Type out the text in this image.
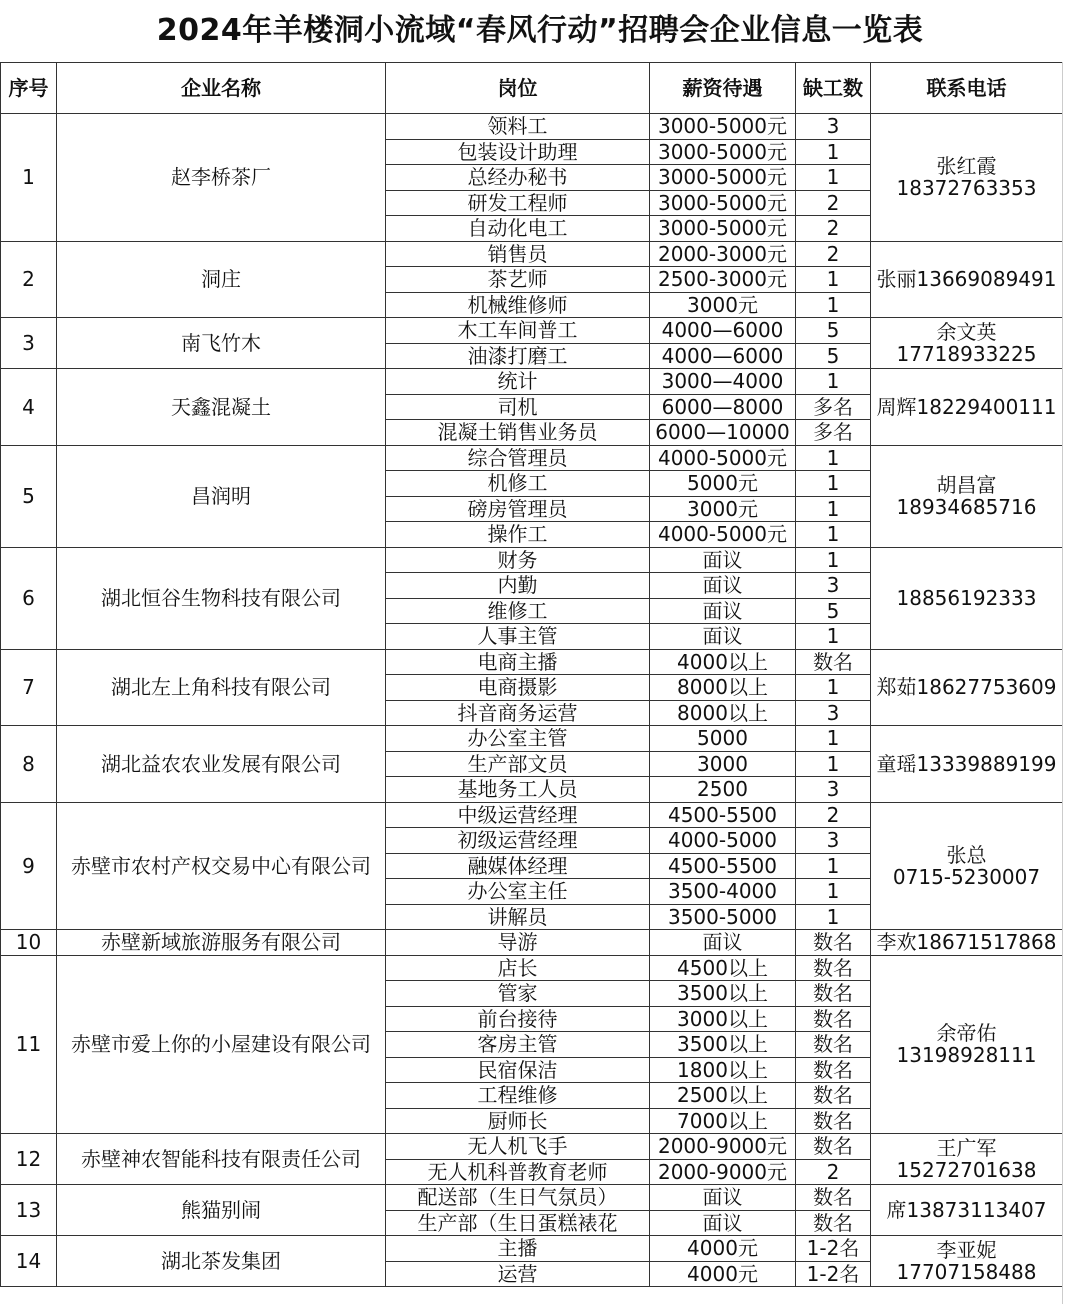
2024年羊楼洞小流域“春风行动”招聘会企业信息一览表
序号	企业名称	岗位	薪资待遇	缺工数	联系电话
1	赵李桥茶厂	领料工	3000-5000元	3	张红霞
18372763353
		包装设计助理	3000-5000元	1	
		总经办秘书	3000-5000元	1	
		研发工程师	3000-5000元	2	
		自动化电工	3000-5000元	2	
2	洞庄	销售员	2000-3000元	2	张丽13669089491
		茶艺师	2500-3000元	1	
		机械维修师	3000元	1	
3	南飞竹木	木工车间普工	4000—6000	5	余文英
17718933225
		油漆打磨工	4000—6000	5	
4	天鑫混凝土	统计	3000—4000	1	周辉18229400111
		司机	6000—8000	多名	
		混凝土销售业务员	6000—10000	多名	
5	昌润明	综合管理员	4000-5000元	1	胡昌富
18934685716
		机修工	5000元	1	
		磅房管理员	3000元	1	
		操作工	4000-5000元	1	
6	湖北恒谷生物科技有限公司	财务	面议	1	18856192333
		内勤	面议	3	
		维修工	面议	5	
		人事主管	面议	1	
7	湖北左上角科技有限公司	电商主播	4000以上	数名	郑茹18627753609
		电商摄影	8000以上	1	
		抖音商务运营	8000以上	3	
8	湖北益农农业发展有限公司	办公室主管	5000	1	童瑶13339889199
		生产部文员	3000	1	
		基地务工人员	2500	3	
9	赤壁市农村产权交易中心有限公司	中级运营经理	4500-5500	2	张总
0715-5230007
		初级运营经理	4000-5000	3	
		融媒体经理	4500-5500	1	
		办公室主任	3500-4000	1	
		讲解员	3500-5000	1	
10	赤壁新域旅游服务有限公司	导游	面议	数名	李欢18671517868
11	赤壁市爱上你的小屋建设有限公司	店长	4500以上	数名	余帝佑
13198928111
		管家	3500以上	数名	
		前台接待	3000以上	数名	
		客房主管	3500以上	数名	
		民宿保洁	1800以上	数名	
		工程维修	2500以上	数名	
		厨师长	7000以上	数名	
12	赤壁神农智能科技有限责任公司	无人机飞手	2000-9000元	数名	王广军
15272701638
		无人机科普教育老师	2000-9000元	2	
13	熊猫别闹	配送部（生日气氛员）	面议	数名	席13873113407
		生产部（生日蛋糕裱花	面议	数名	
14	湖北茶发集团	主播	4000元	1-2名	李亚妮
17707158488
		运营	4000元	1-2名	
